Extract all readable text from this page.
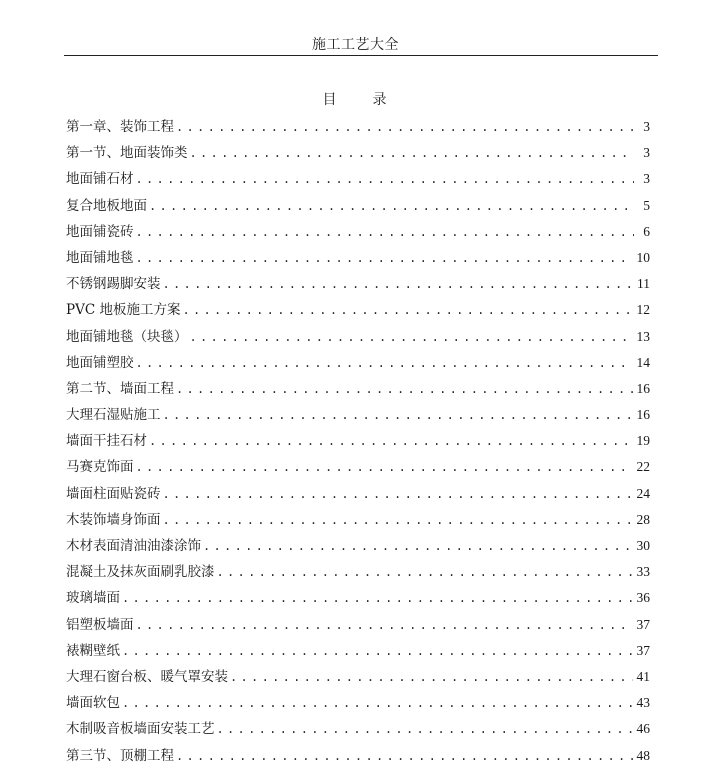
施工工艺大全
目 录
第一章、装饰工程 .....	3
第一节、地面装饰类 .....	3
地面铺石材 .....	3
复合地板地面 .....	5
地面铺瓷砖 .....	6
地面铺地毯 .....	10
不锈钢踢脚安装 .....	11
PVC 地板施工方案 .....	12
地面铺地毯（块毯） .....	13
地面铺塑胶 .....	14
第二节、墙面工程 .....	16
大理石湿贴施工 .....	16
墙面干挂石材 .....	19
马赛克饰面 .....	22
墙面柱面贴瓷砖 .....	24
木装饰墙身饰面 .....	28
木材表面清油油漆涂饰 .....	30
混凝土及抹灰面刷乳胶漆 .....	33
玻璃墙面 .....	36
铝塑板墙面 .....	37
裱糊壁纸 .....	37
大理石窗台板、暖气罩安装 .....	41
墙面软包 .....	43
木制吸音板墙面安装工艺 .....	46
第三节、顶棚工程 .....	48
